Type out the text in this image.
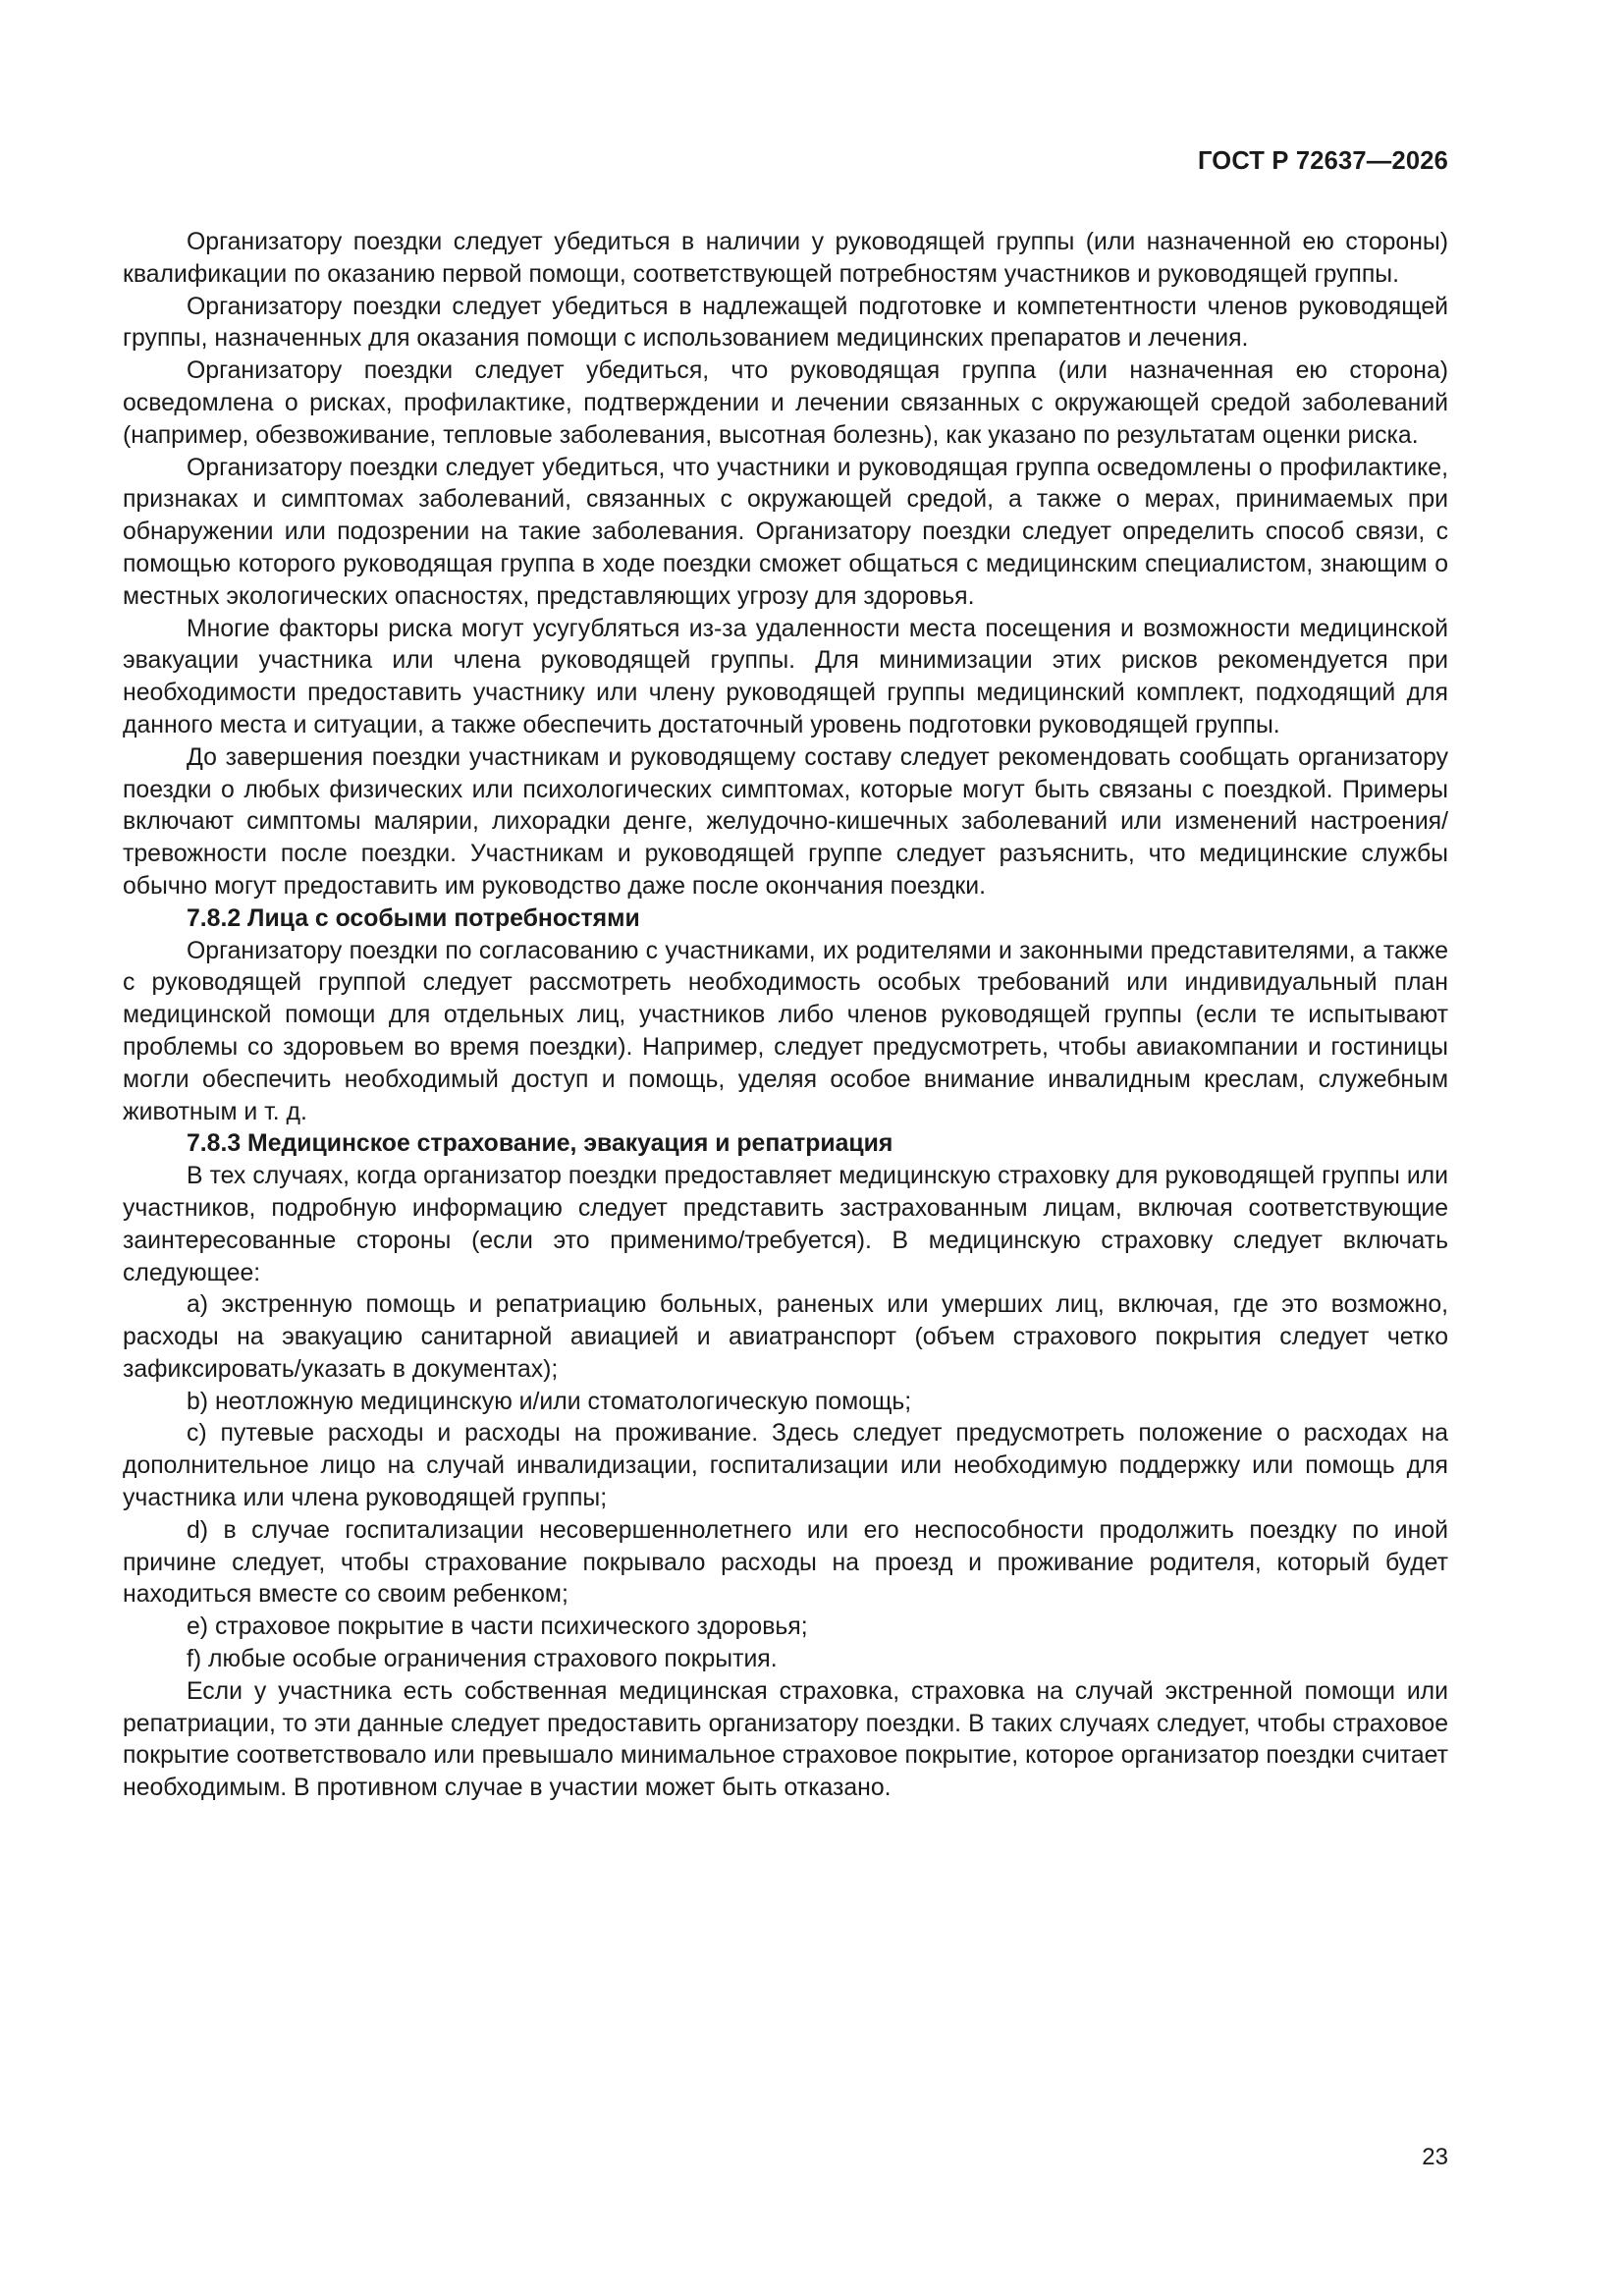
ГОСТ Р 72637—2026

Организатору поездки следует убедиться в наличии у руководящей группы (или назначенной ею стороны) квалификации по оказанию первой помощи, соответствующей потребностям участников и руководящей группы.

Организатору поездки следует убедиться в надлежащей подготовке и компетентности членов руководящей группы, назначенных для оказания помощи с использованием медицинских препаратов и лечения.

Организатору поездки следует убедиться, что руководящая группа (или назначенная ею сторона) осведомлена о рисках, профилактике, подтверждении и лечении связанных с окружающей средой заболеваний (например, обезвоживание, тепловые заболевания, высотная болезнь), как указано по результатам оценки риска.

Организатору поездки следует убедиться, что участники и руководящая группа осведомлены о профилактике, признаках и симптомах заболеваний, связанных с окружающей средой, а также о мерах, принимаемых при обнаружении или подозрении на такие заболевания. Организатору поездки следует определить способ связи, с помощью которого руководящая группа в ходе поездки сможет общаться с медицинским специалистом, знающим о местных экологических опасностях, представляющих угрозу для здоровья.

Многие факторы риска могут усугубляться из-за удаленности места посещения и возможности медицинской эвакуации участника или члена руководящей группы. Для минимизации этих рисков рекомендуется при необходимости предоставить участнику или члену руководящей группы медицинский комплект, подходящий для данного места и ситуации, а также обеспечить достаточный уровень подготовки руководящей группы.

До завершения поездки участникам и руководящему составу следует рекомендовать сообщать организатору поездки о любых физических или психологических симптомах, которые могут быть связаны с поездкой. Примеры включают симптомы малярии, лихорадки денге, желудочно-кишечных заболеваний или изменений настроения/тревожности после поездки. Участникам и руководящей группе следует разъяснить, что медицинские службы обычно могут предоставить им руководство даже после окончания поездки.

7.8.2 Лица с особыми потребностями

Организатору поездки по согласованию с участниками, их родителями и законными представителями, а также с руководящей группой следует рассмотреть необходимость особых требований или индивидуальный план медицинской помощи для отдельных лиц, участников либо членов руководящей группы (если те испытывают проблемы со здоровьем во время поездки). Например, следует предусмотреть, чтобы авиакомпании и гостиницы могли обеспечить необходимый доступ и помощь, уделяя особое внимание инвалидным креслам, служебным животным и т. д.

7.8.3 Медицинское страхование, эвакуация и репатриация

В тех случаях, когда организатор поездки предоставляет медицинскую страховку для руководящей группы или участников, подробную информацию следует представить застрахованным лицам, включая соответствующие заинтересованные стороны (если это применимо/требуется). В медицинскую страховку следует включать следующее:

a) экстренную помощь и репатриацию больных, раненых или умерших лиц, включая, где это возможно, расходы на эвакуацию санитарной авиацией и авиатранспорт (объем страхового покрытия следует четко зафиксировать/указать в документах);

b) неотложную медицинскую и/или стоматологическую помощь;

c) путевые расходы и расходы на проживание. Здесь следует предусмотреть положение о расходах на дополнительное лицо на случай инвалидизации, госпитализации или необходимую поддержку или помощь для участника или члена руководящей группы;

d) в случае госпитализации несовершеннолетнего или его неспособности продолжить поездку по иной причине следует, чтобы страхование покрывало расходы на проезд и проживание родителя, который будет находиться вместе со своим ребенком;

e) страховое покрытие в части психического здоровья;

f) любые особые ограничения страхового покрытия.

Если у участника есть собственная медицинская страховка, страховка на случай экстренной помощи или репатриации, то эти данные следует предоставить организатору поездки. В таких случаях следует, чтобы страховое покрытие соответствовало или превышало минимальное страховое покрытие, которое организатор поездки считает необходимым. В противном случае в участии может быть отказано.

23
